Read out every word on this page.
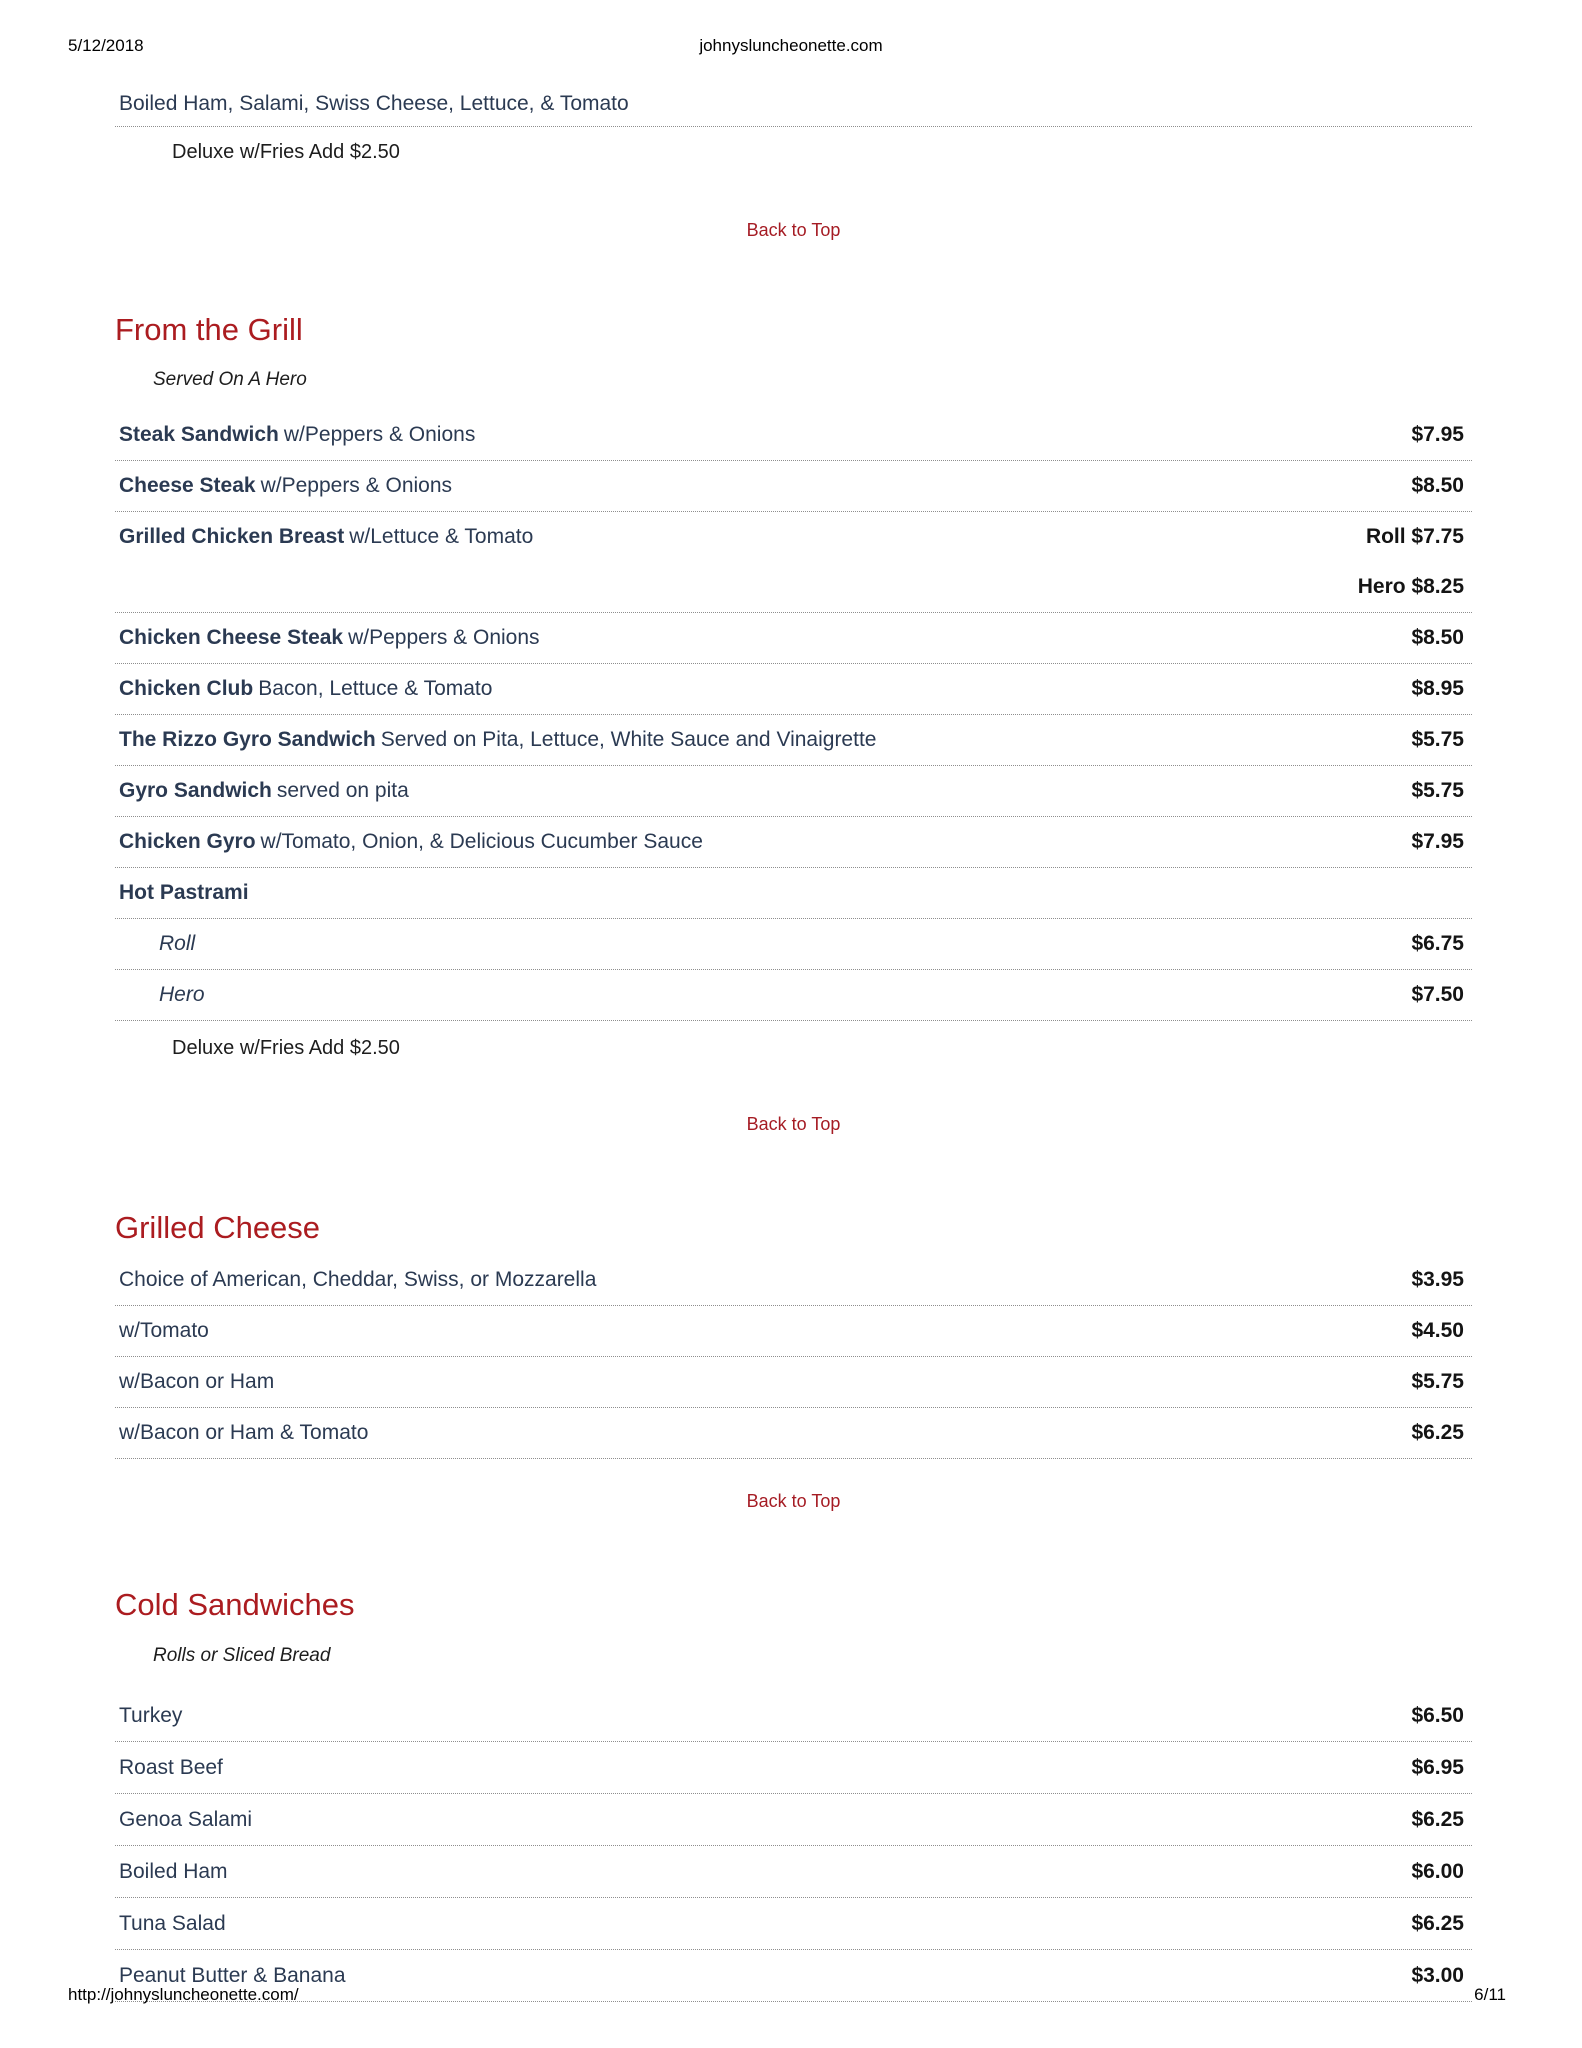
5/12/2018	johnysluncheonette.com
Boiled Ham, Salami, Swiss Cheese, Lettuce, & Tomato
Deluxe w/Fries Add $2.50
Back to Top
From the Grill

Served On A Hero

Steak Sandwich w/Peppers & Onions	$7.95
Cheese Steak w/Peppers & Onions	$8.50
Grilled Chicken Breast w/Lettuce & Tomato	Roll $7.75
Hero $8.25
Chicken Cheese Steak w/Peppers & Onions	$8.50
Chicken Club Bacon, Lettuce & Tomato	$8.95
The Rizzo Gyro Sandwich Served on Pita, Lettuce, White Sauce and Vinaigrette	$5.75
Gyro Sandwich served on pita	$5.75
Chicken Gyro w/Tomato, Onion, & Delicious Cucumber Sauce	$7.95
Hot Pastrami
Roll	$6.75
Hero	$7.50
Deluxe w/Fries Add $2.50
Back to Top
Grilled Cheese
Choice of American, Cheddar, Swiss, or Mozzarella	$3.95
w/Tomato	$4.50
w/Bacon or Ham	$5.75
w/Bacon or Ham & Tomato	$6.25
Back to Top
Cold Sandwiches

Rolls or Sliced Bread

Turkey	$6.50
Roast Beef	$6.95
Genoa Salami	$6.25
Boiled Ham	$6.00
Tuna Salad	$6.25
Peanut Butter & Banana	$3.00
http://johnysluncheonette.com/	6/11
